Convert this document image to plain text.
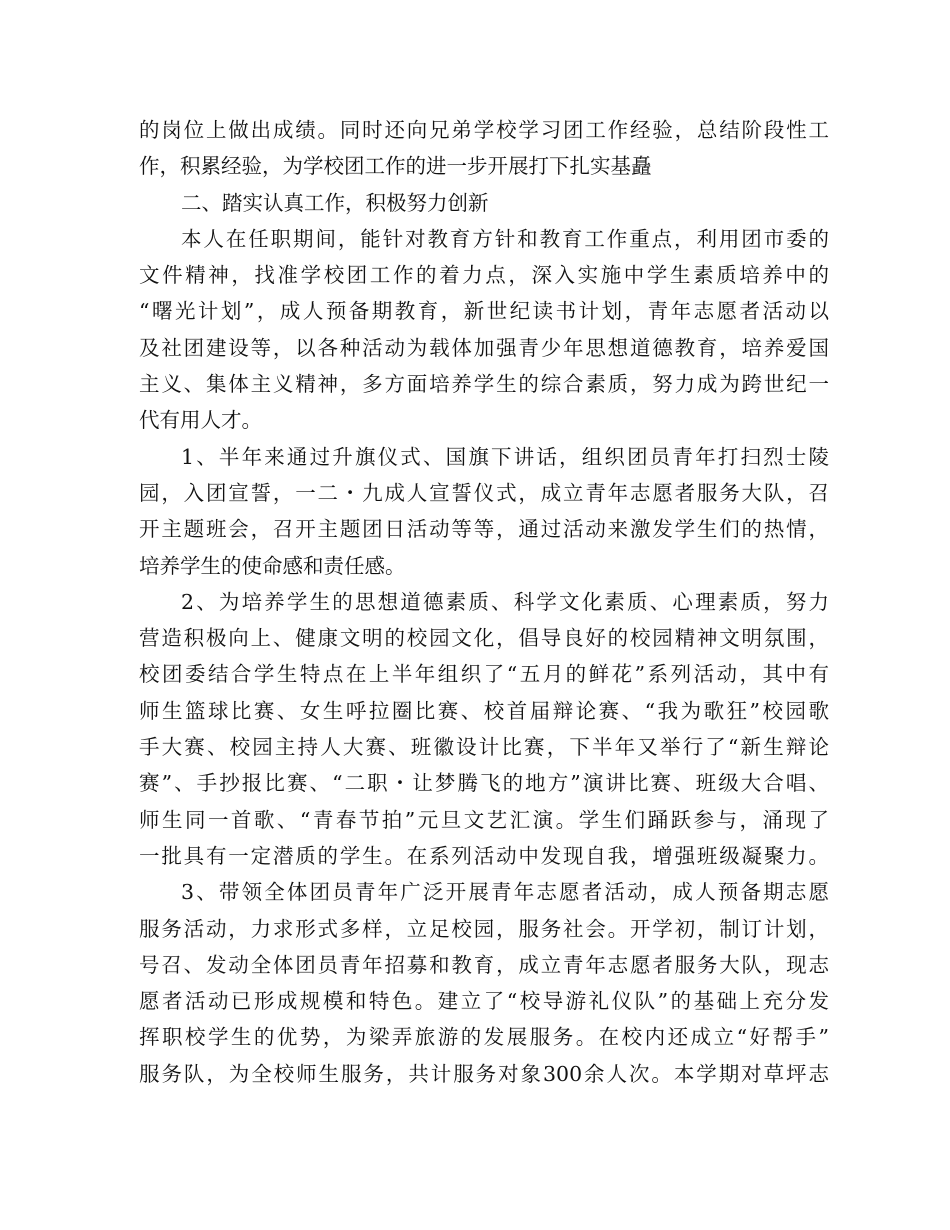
的岗位上做出成绩。同时还向兄弟学校学习团工作经验，总结阶段性工
作，积累经验，为学校团工作的进一步开展打下扎实基矗
二、踏实认真工作，积极努力创新
本人在任职期间，能针对教育方针和教育工作重点，利用团市委的
文件精神，找准学校团工作的着力点，深入实施中学生素质培养中的
“曙光计划”，成人预备期教育，新世纪读书计划，青年志愿者活动以
及社团建设等，以各种活动为载体加强青少年思想道德教育，培养爱国
主义、集体主义精神，多方面培养学生的综合素质，努力成为跨世纪一
代有用人才。
1、半年来通过升旗仪式、国旗下讲话，组织团员青年打扫烈士陵
园，入团宣誓，一二・九成人宣誓仪式，成立青年志愿者服务大队，召
开主题班会，召开主题团日活动等等，通过活动来激发学生们的热情，
培养学生的使命感和责任感。
2、为培养学生的思想道德素质、科学文化素质、心理素质，努力
营造积极向上、健康文明的校园文化，倡导良好的校园精神文明氛围，
校团委结合学生特点在上半年组织了“五月的鲜花”系列活动，其中有
师生篮球比赛、女生呼拉圈比赛、校首届辩论赛、“我为歌狂”校园歌
手大赛、校园主持人大赛、班徽设计比赛，下半年又举行了“新生辩论
赛”、手抄报比赛、“二职・让梦腾飞的地方”演讲比赛、班级大合唱、
师生同一首歌、“青春节拍”元旦文艺汇演。学生们踊跃参与，涌现了
一批具有一定潜质的学生。在系列活动中发现自我，增强班级凝聚力。
3、带领全体团员青年广泛开展青年志愿者活动，成人预备期志愿
服务活动，力求形式多样，立足校园，服务社会。开学初，制订计划，
号召、发动全体团员青年招募和教育，成立青年志愿者服务大队，现志
愿者活动已形成规模和特色。建立了“校导游礼仪队”的基础上充分发
挥职校学生的优势，为梁弄旅游的发展服务。在校内还成立“好帮手”
服务队，为全校师生服务，共计服务对象300余人次。本学期对草坪志
